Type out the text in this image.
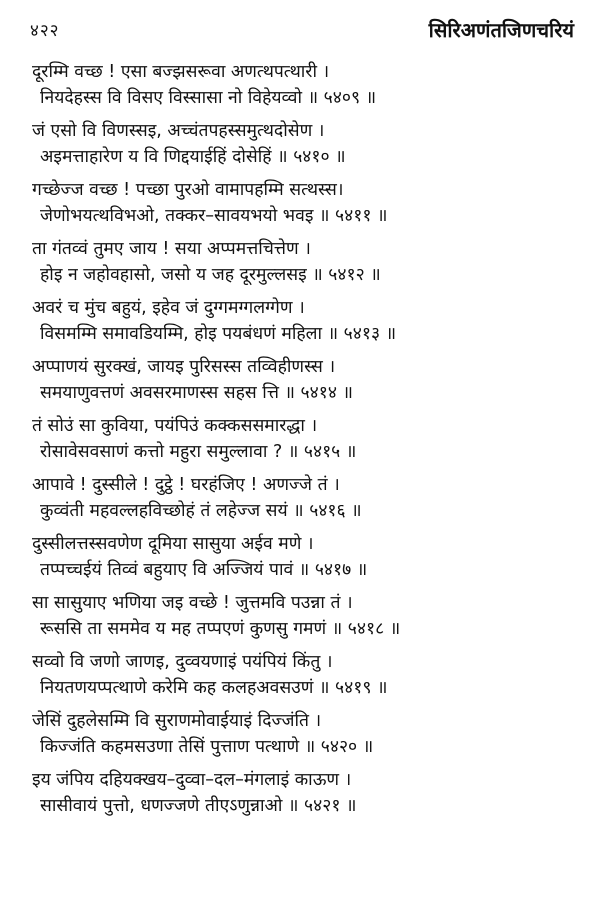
४२२	सिरिअणंतजिणचरियं
दूरम्मि वच्छ ! एसा बज्झसरूवा अणत्थपत्थारी ।
नियदेहस्स वि विसए विस्सासा नो विहेयव्वो ॥ ५४०९ ॥
जं एसो वि विणस्सइ, अच्चंतपहस्समुत्थदोसेण ।
अइमत्ताहारेण य वि णिद्दयाईहिं दोसेहिं ॥ ५४१० ॥
गच्छेज्ज वच्छ ! पच्छा पुरओ वामापहम्मि सत्थस्स।
जेणोभयत्थविभओ, तक्कर–सावयभयो भवइ ॥ ५४११ ॥
ता गंतव्वं तुमए जाय ! सया अप्पमत्तचित्तेण ।
होइ न जहोवहासो, जसो य जह दूरमुल्लसइ ॥ ५४१२ ॥
अवरं च मुंच बहुयं, इहेव जं दुग्गमग्गलग्गेण ।
विसमम्मि समावडियम्मि, होइ पयबंधणं महिला ॥ ५४१३ ॥
अप्पाणयं सुरक्खं, जायइ पुरिसस्स तव्विहीणस्स ।
समयाणुवत्तणं अवसरमाणस्स सहस त्ति ॥ ५४१४ ॥
तं सोउं सा कुविया, पयंपिउं कक्कससमारद्धा ।
रोसावेसवसाणं कत्तो महुरा समुल्लावा ? ॥ ५४१५ ॥
आपावे ! दुस्सीले ! दुट्ठे ! घरहंजिए ! अणज्जे तं ।
कुव्वंती महवल्लहविच्छोहं तं लहेज्ज सयं ॥ ५४१६ ॥
दुस्सीलत्तस्सवणेण दूमिया सासुया अईव मणे ।
तप्पच्चईयं तिव्वं बहुयाए वि अज्जियं पावं ॥ ५४१७ ॥
सा सासुयाए भणिया जइ वच्छे ! जुत्तमवि पउन्ना तं ।
रूससि ता सममेव य मह तप्पएणं कुणसु गमणं ॥ ५४१८ ॥
सव्वो वि जणो जाणइ, दुव्वयणाइं पयंपियं किंतु ।
नियतणयप्पत्थाणे करेमि कह कलहअवसउणं ॥ ५४१९ ॥
जेसिं दुहलेसम्मि वि सुराणमोवाईयाइं दिज्जंति ।
किज्जंति कहमसउणा तेसिं पुत्ताण पत्थाणे ॥ ५४२० ॥
इय जंपिय दहियक्खय–दुव्वा–दल–मंगलाइं काऊण ।
सासीवायं पुत्तो, धणज्जणे तीएऽणुन्नाओ ॥ ५४२१ ॥
